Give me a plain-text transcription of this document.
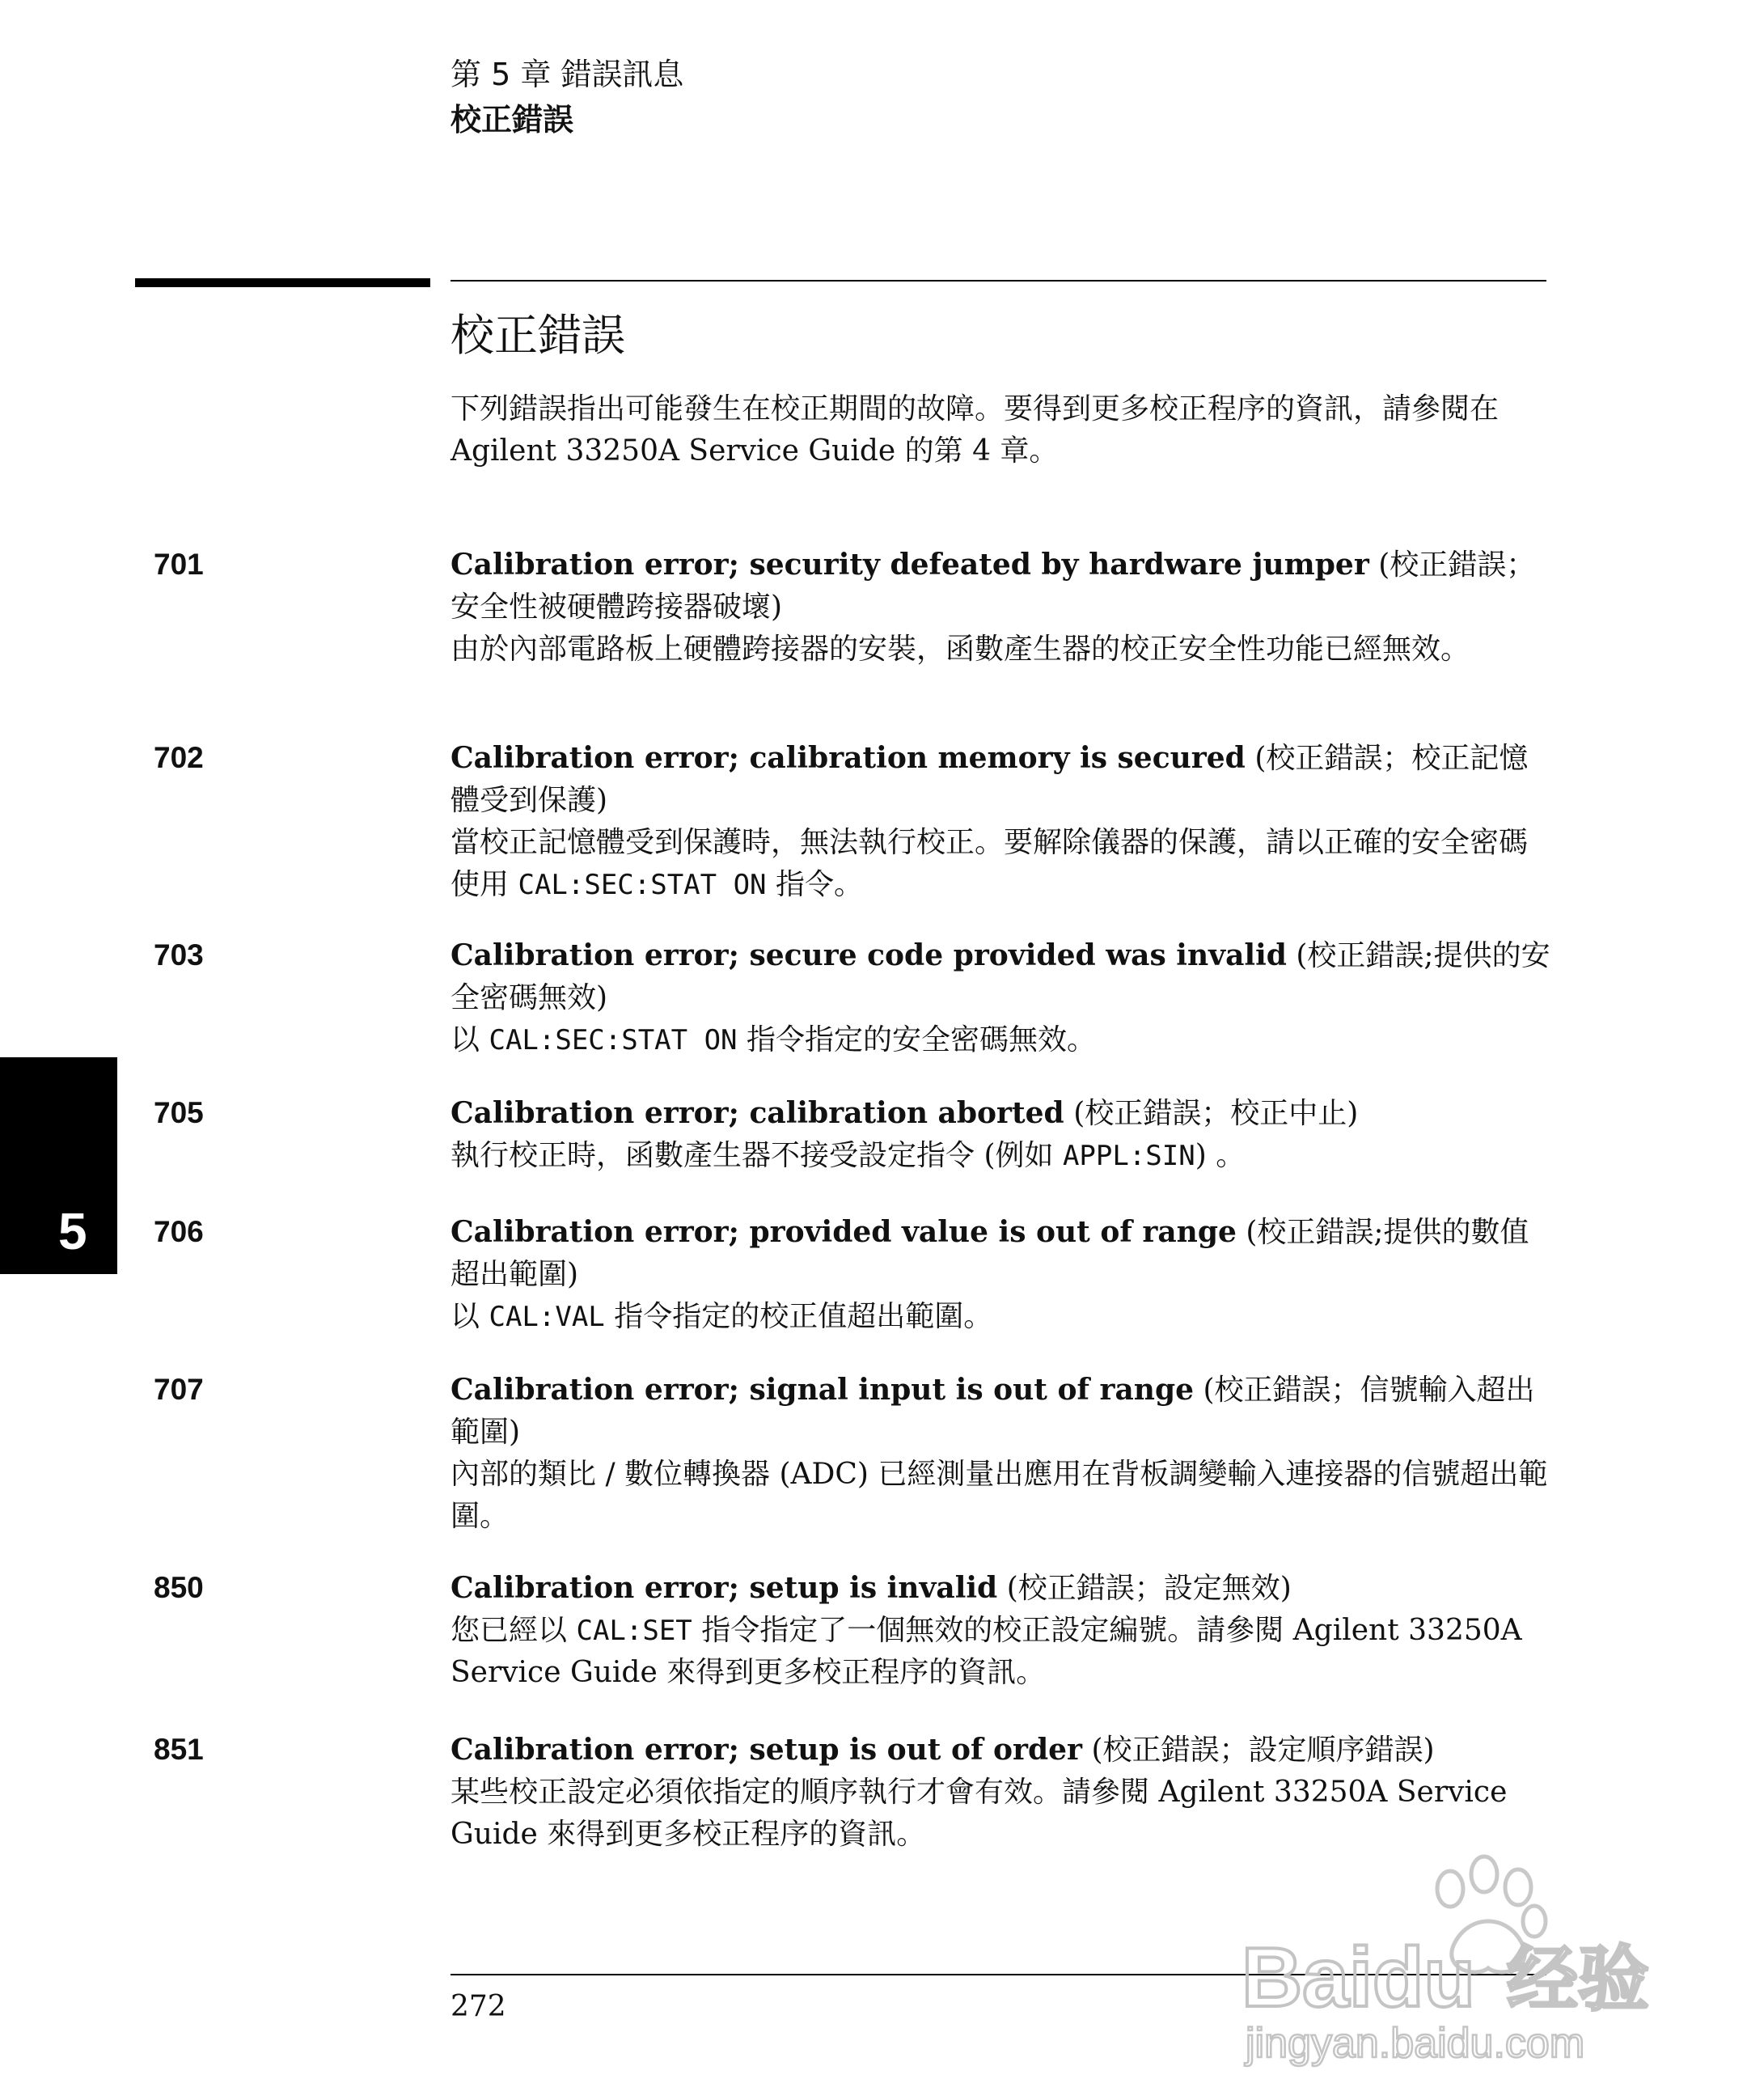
第 5 章 錯誤訊息
校正錯誤
校正錯誤
下列錯誤指出可能發生在校正期間的故障。要得到更多校正程序的資訊，請參閱在 Agilent 33250A Service Guide 的第 4 章。
701	Calibration error; security defeated by hardware jumper (校正錯誤；安全性被硬體跨接器破壞)
由於內部電路板上硬體跨接器的安裝，函數產生器的校正安全性功能已經無效。
702	Calibration error; calibration memory is secured (校正錯誤；校正記憶體受到保護)
當校正記憶體受到保護時，無法執行校正。要解除儀器的保護，請以正確的安全密碼使用 CAL:SEC:STAT ON 指令。
703	Calibration error; secure code provided was invalid (校正錯誤;提供的安全密碼無效)
以 CAL:SEC:STAT ON 指令指定的安全密碼無效。
705	Calibration error; calibration aborted (校正錯誤；校正中止)
執行校正時，函數產生器不接受設定指令 (例如 APPL:SIN) 。
706	Calibration error; provided value is out of range (校正錯誤;提供的數值超出範圍)
以 CAL:VAL 指令指定的校正值超出範圍。
707	Calibration error; signal input is out of range (校正錯誤；信號輸入超出範圍)
內部的類比 / 數位轉換器 (ADC) 已經測量出應用在背板調變輸入連接器的信號超出範圍。
850	Calibration error; setup is invalid (校正錯誤；設定無效)
您已經以 CAL:SET 指令指定了一個無效的校正設定編號。請參閱 Agilent 33250A Service Guide 來得到更多校正程序的資訊。
851	Calibration error; setup is out of order (校正錯誤；設定順序錯誤)
某些校正設定必須依指定的順序執行才會有效。請參閱 Agilent 33250A Service Guide 來得到更多校正程序的資訊。
5
272	Baidu 经验
jingyan.baidu.com
